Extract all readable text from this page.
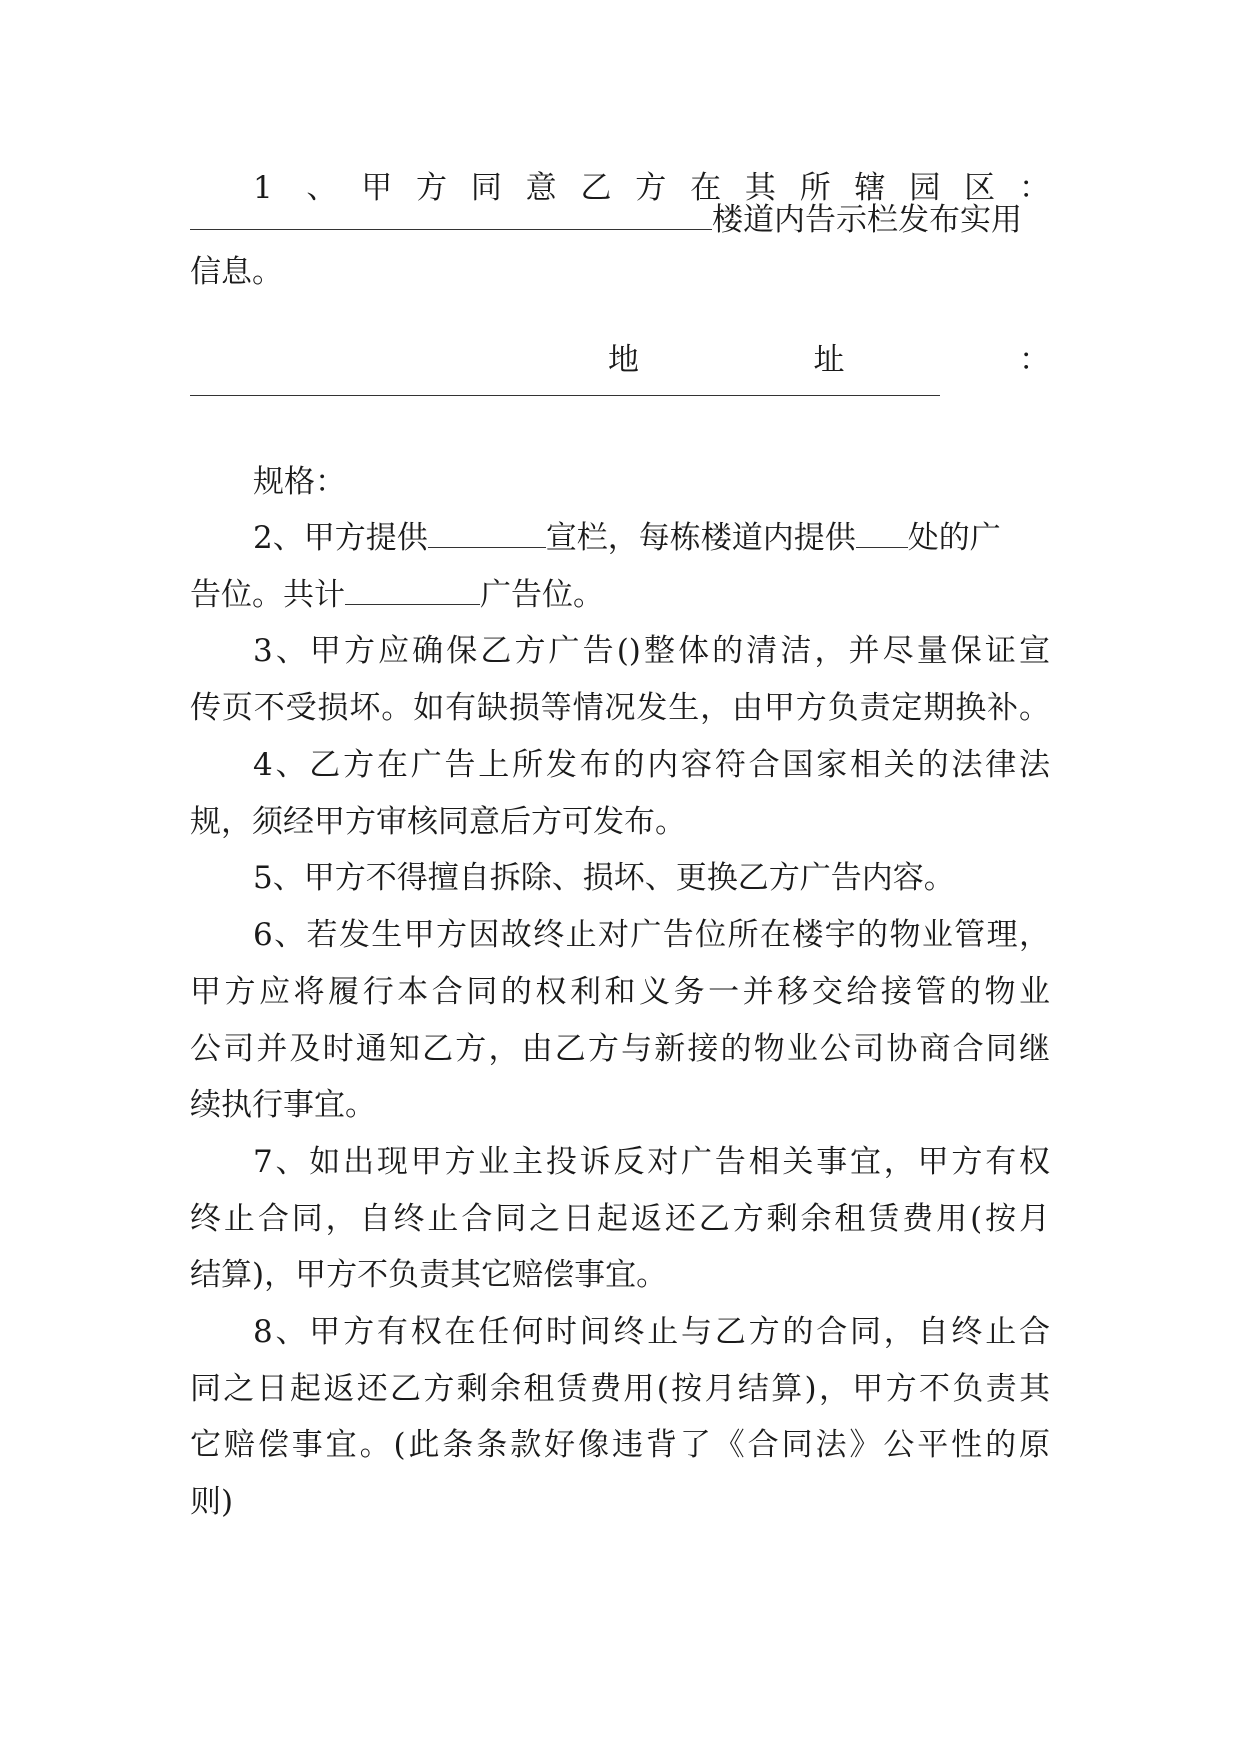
1 、甲方同意乙方在其所辖园区：
楼道内告示栏发布实用
信息。
地 址 ：
规格：
2、甲方提供	宣栏，每栋楼道内提供 处的广
告位。共计	广告位。
3、甲方应确保乙方广告()整体的清洁，并尽量保证宣
传页不受损坏。如有缺损等情况发生，由甲方负责定期换补。
4、乙方在广告上所发布的内容符合国家相关的法律法
规，须经甲方审核同意后方可发布。
5、甲方不得擅自拆除、损坏、更换乙方广告内容。
6、若发生甲方因故终止对广告位所在楼宇的物业管理，
甲方应将履行本合同的权利和义务一并移交给接管的物业
公司并及时通知乙方，由乙方与新接的物业公司协商合同继
续执行事宜。
7、如出现甲方业主投诉反对广告相关事宜，甲方有权
终止合同，自终止合同之日起返还乙方剩余租赁费用(按月
结算)，甲方不负责其它赔偿事宜。
8、甲方有权在任何时间终止与乙方的合同，自终止合
同之日起返还乙方剩余租赁费用(按月结算)，甲方不负责其
它赔偿事宜。(此条条款好像违背了《合同法》公平性的原
则)
